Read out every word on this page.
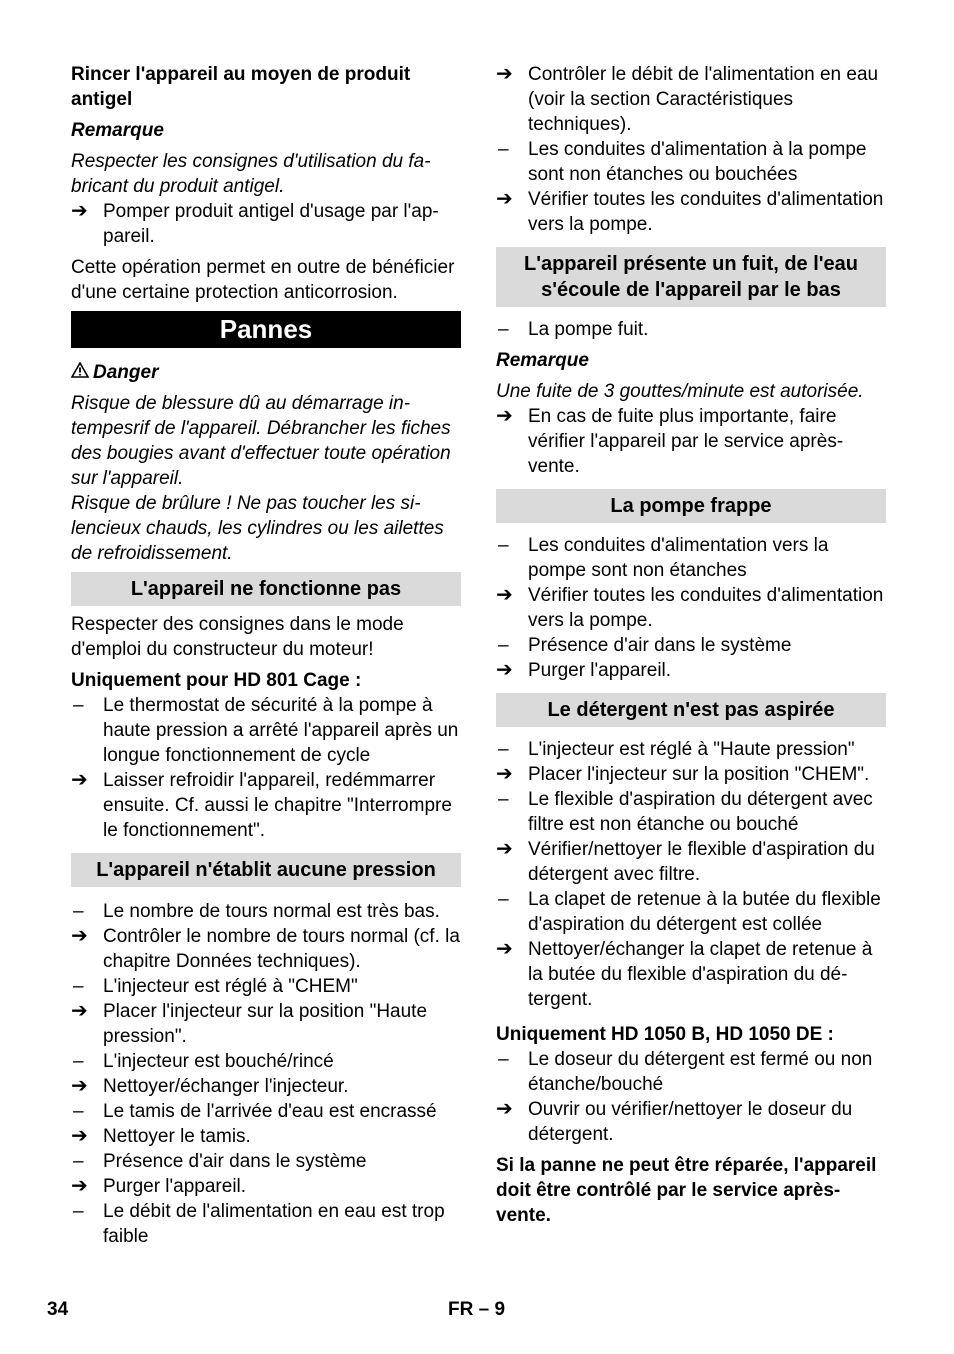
Rincer l'appareil au moyen de produit antigel

Remarque

Respecter les consignes d'utilisation du fabricant du produit antigel.

➔ Pomper produit antigel d'usage par l'appareil.

Cette opération permet en outre de bénéficier d'une certaine protection anticorrosion.

Pannes

Danger

Risque de blessure dû au démarrage intempesrif de l'appareil. Débrancher les fiches des bougies avant d'effectuer toute opération sur l'appareil.

Risque de brûlure ! Ne pas toucher les silencieux chauds, les cylindres ou les ailettes de refroidissement.

L'appareil ne fonctionne pas

Respecter des consignes dans le mode d'emploi du constructeur du moteur!

Uniquement pour HD 801 Cage :

–	Le thermostat de sécurité à la pompe à haute pression a arrêté l'appareil après un longue fonctionnement de cycle

➔ Laisser refroidir l'appareil, redémmarrer ensuite. Cf. aussi le chapitre "Interrompre le fonctionnement".

L'appareil n'établit aucune pression

–	Le nombre de tours normal est très bas.

➔ Contrôler le nombre de tours normal (cf. la chapitre Données techniques).

–	L'injecteur est réglé à "CHEM"

➔ Placer l'injecteur sur la position "Haute pression".

–	L'injecteur est bouché/rincé

➔ Nettoyer/échanger l'injecteur.

–	Le tamis de l'arrivée d'eau est encrassé

➔ Nettoyer le tamis.

–	Présence d'air dans le système

➔ Purger l'appareil.

–	Le débit de l'alimentation en eau est trop faible

➔ Contrôler le débit de l'alimentation en eau (voir la section Caractéristiques techniques).

–	Les conduites d'alimentation à la pompe sont non étanches ou bouchées

➔ Vérifier toutes les conduites d'alimentation vers la pompe.

L'appareil présente un fuit, de l'eau s'écoule de l'appareil par le bas

–	La pompe fuit.

Remarque

Une fuite de 3 gouttes/minute est autorisée.

➔ En cas de fuite plus importante, faire vérifier l'appareil par le service après-vente.

La pompe frappe

–	Les conduites d'alimentation vers la pompe sont non étanches

➔ Vérifier toutes les conduites d'alimentation vers la pompe.

–	Présence d'air dans le système

➔ Purger l'appareil.

Le détergent n'est pas aspirée

–	L'injecteur est réglé à "Haute pression"

➔ Placer l'injecteur sur la position "CHEM".

–	Le flexible d'aspiration du détergent avec filtre est non étanche ou bouché

➔ Vérifier/nettoyer le flexible d'aspiration du détergent avec filtre.

–	La clapet de retenue à la butée du flexible d'aspiration du détergent est collée

➔ Nettoyer/échanger la clapet de retenue à la butée du flexible d'aspiration du détergent.

Uniquement HD 1050 B, HD 1050 DE :

–	Le doseur du détergent est fermé ou non étanche/bouché

➔ Ouvrir ou vérifier/nettoyer le doseur du détergent.

Si la panne ne peut être réparée, l'appareil doit être contrôlé par le service après-vente.

34	FR – 9
